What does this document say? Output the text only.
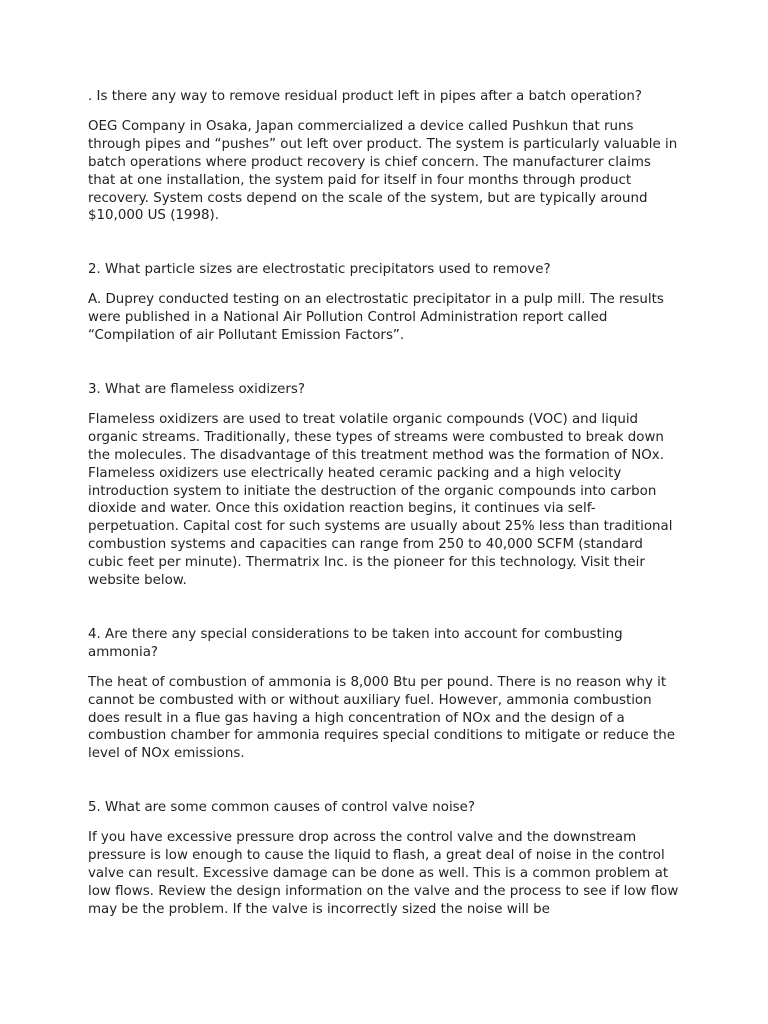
. Is there any way to remove residual product left in pipes after a batch operation?

OEG Company in Osaka, Japan commercialized a device called Pushkun that runs through pipes and “pushes” out left over product. The system is particularly valuable in batch operations where product recovery is chief concern. The manufacturer claims that at one installation, the system paid for itself in four months through product recovery. System costs depend on the scale of the system, but are typically around $10,000 US (1998).

2. What particle sizes are electrostatic precipitators used to remove?

A. Duprey conducted testing on an electrostatic precipitator in a pulp mill. The results were published in a National Air Pollution Control Administration report called “Compilation of air Pollutant Emission Factors”.

3. What are flameless oxidizers?

Flameless oxidizers are used to treat volatile organic compounds (VOC) and liquid organic streams. Traditionally, these types of streams were combusted to break down the molecules. The disadvantage of this treatment method was the formation of NOx. Flameless oxidizers use electrically heated ceramic packing and a high velocity introduction system to initiate the destruction of the organic compounds into carbon dioxide and water. Once this oxidation reaction begins, it continues via self-perpetuation. Capital cost for such systems are usually about 25% less than traditional combustion systems and capacities can range from 250 to 40,000 SCFM (standard cubic feet per minute). Thermatrix Inc. is the pioneer for this technology. Visit their website below.

4. Are there any special considerations to be taken into account for combusting ammonia?

The heat of combustion of ammonia is 8,000 Btu per pound. There is no reason why it cannot be combusted with or without auxiliary fuel. However, ammonia combustion does result in a flue gas having a high concentration of NOx and the design of a combustion chamber for ammonia requires special conditions to mitigate or reduce the level of NOx emissions.

5. What are some common causes of control valve noise?

If you have excessive pressure drop across the control valve and the downstream pressure is low enough to cause the liquid to flash, a great deal of noise in the control valve can result. Excessive damage can be done as well. This is a common problem at low flows. Review the design information on the valve and the process to see if low flow may be the problem. If the valve is incorrectly sized the noise will be
